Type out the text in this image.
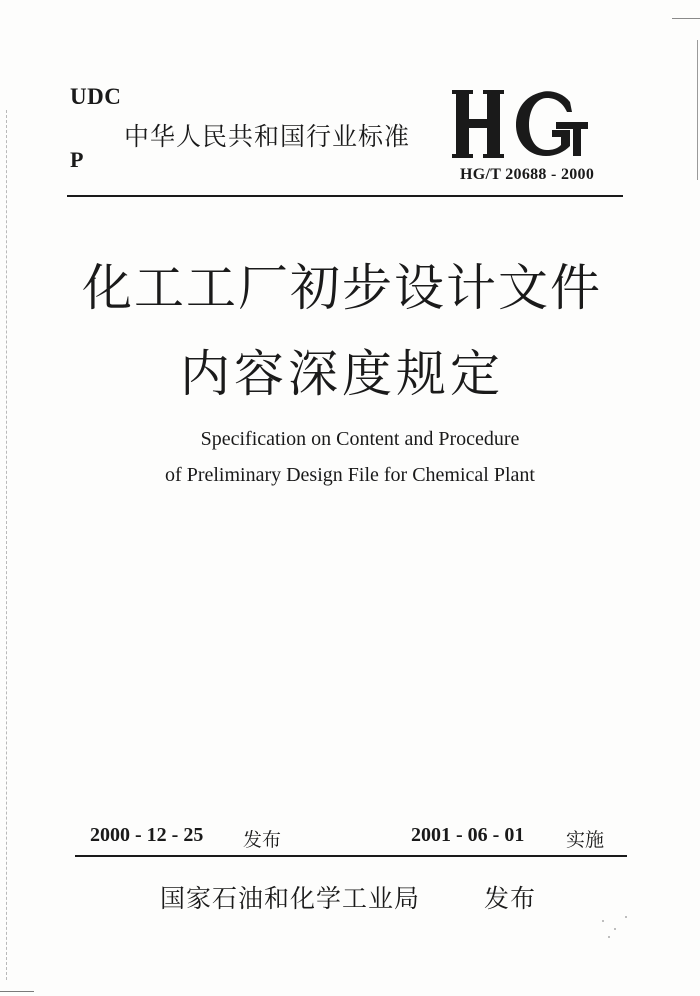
UDC
P
中华人民共和国行业标准
HG
HG/T 20688 - 2000
化工工厂初步设计文件
内容深度规定
Specification on Content and Procedure
of Preliminary Design File for Chemical Plant
2000 - 12 - 25 发布	2001 - 06 - 01 实施
国家石油和化学工业局	发布
